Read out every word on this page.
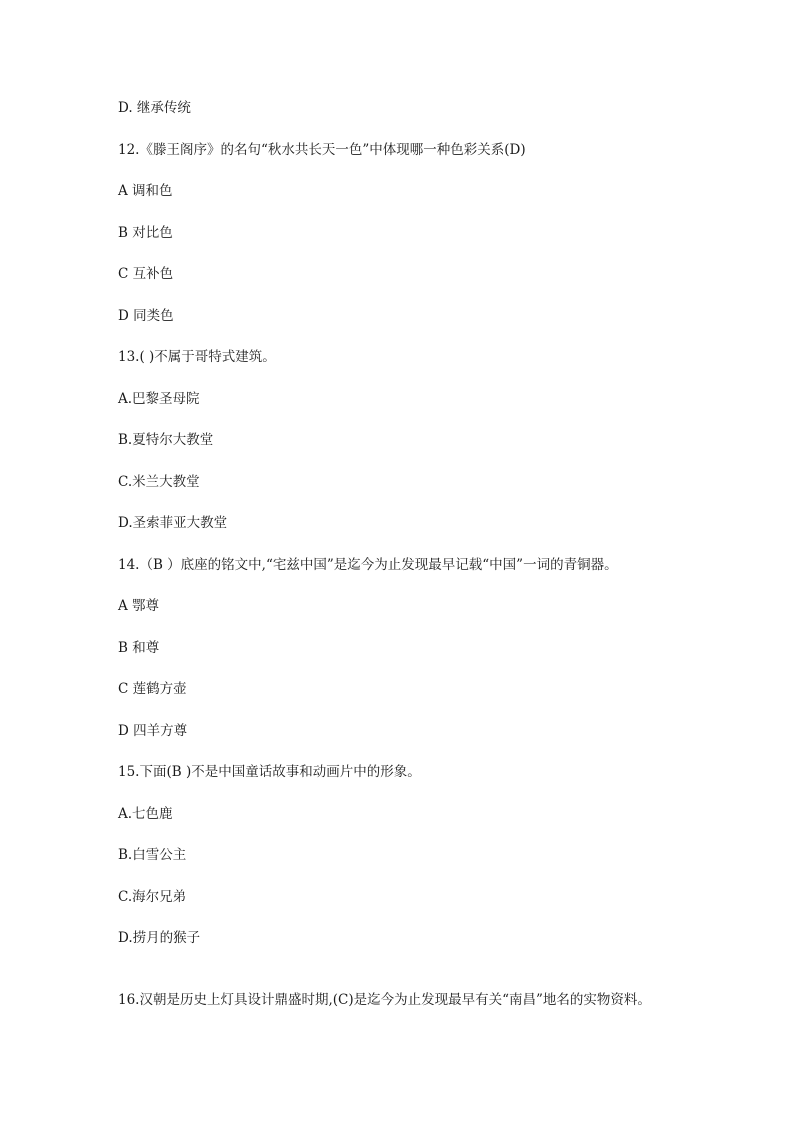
D. 继承传统
12.《滕王阁序》的名句“秋水共长天一色”中体现哪一种色彩关系(D)
A 调和色
B 对比色
C 互补色
D 同类色
13.( )不属于哥特式建筑。
A.巴黎圣母院
B.夏特尔大教堂
C.米兰大教堂
D.圣索菲亚大教堂
14.（B ）底座的铭文中,“宅兹中国”是迄今为止发现最早记载“中国”一词的青铜器。
A 鄂尊
B 和尊
C 莲鹤方壶
D 四羊方尊
15.下面(B )不是中国童话故事和动画片中的形象。
A.七色鹿
B.白雪公主
C.海尔兄弟
D.捞月的猴子
16.汉朝是历史上灯具设计鼎盛时期,(C)是迄今为止发现最早有关“南昌”地名的实物资料。
